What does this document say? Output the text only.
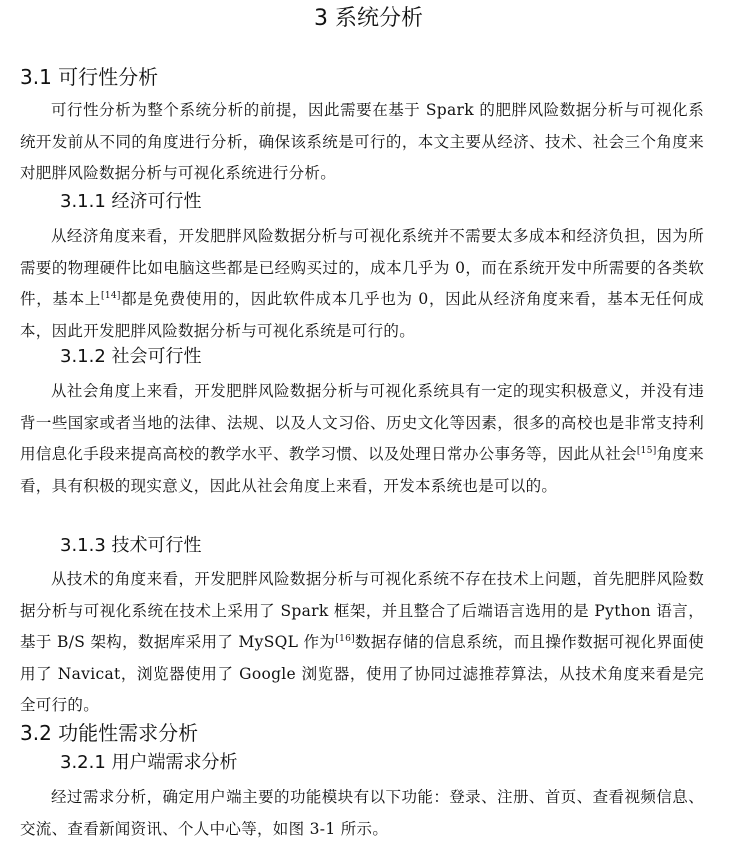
3 系统分析
3.1 可行性分析

可行性分析为整个系统分析的前提，因此需要在基于 Spark 的肥胖风险数据分析与可视化系统开发前从不同的角度进行分析，确保该系统是可行的，本文主要从经济、技术、社会三个角度来对肥胖风险数据分析与可视化系统进行分析。

3.1.1 经济可行性

从经济角度来看，开发肥胖风险数据分析与可视化系统并不需要太多成本和经济负担，因为所需要的物理硬件比如电脑这些都是已经购买过的，成本几乎为 0，而在系统开发中所需要的各类软件，基本上[14]都是免费使用的，因此软件成本几乎也为 0，因此从经济角度来看，基本无任何成本，因此开发肥胖风险数据分析与可视化系统是可行的。

3.1.2 社会可行性

从社会角度上来看，开发肥胖风险数据分析与可视化系统具有一定的现实积极意义，并没有违背一些国家或者当地的法律、法规、以及人文习俗、历史文化等因素，很多的高校也是非常支持利用信息化手段来提高高校的教学水平、教学习惯、以及处理日常办公事务等，因此从社会[15]角度来看，具有积极的现实意义，因此从社会角度上来看，开发本系统也是可以的。

3.1.3 技术可行性

从技术的角度来看，开发肥胖风险数据分析与可视化系统不存在技术上问题，首先肥胖风险数据分析与可视化系统在技术上采用了 Spark 框架，并且整合了后端语言选用的是 Python 语言，基于 B/S 架构，数据库采用了 MySQL 作为[16]数据存储的信息系统，而且操作数据可视化界面使用了 Navicat，浏览器使用了 Google 浏览器，使用了协同过滤推荐算法，从技术角度来看是完全可行的。

3.2 功能性需求分析
3.2.1 用户端需求分析

经过需求分析，确定用户端主要的功能模块有以下功能：登录、注册、首页、查看视频信息、交流、查看新闻资讯、个人中心等，如图 3-1 所示。
